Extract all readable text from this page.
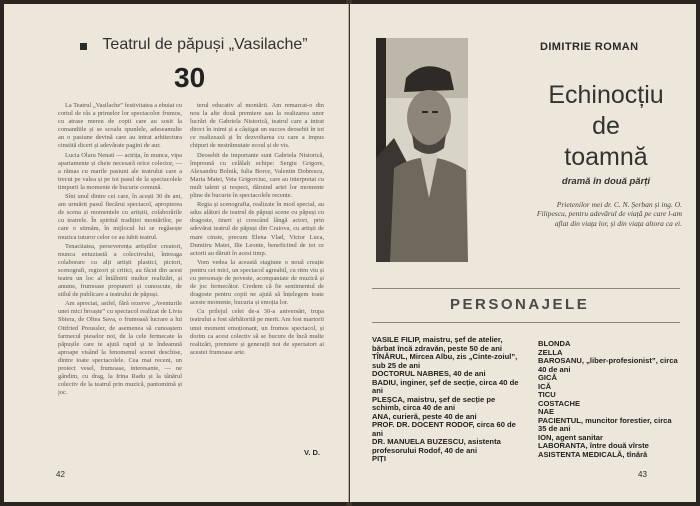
Teatrul de păpuși „Vasilache”
30

La Teatrul „Vasilache” festivitatea a ebuiat cu cortul de râs a primelor lor spectacolor frumos, cu atrase mereu de copii care au sosit la comandiile și se scoalu spunlele, adeseamulte an o pasiune devină care au intrat arhitectura cinstită diceri și adevărate pagini de aur.

Lucia Olaru Nenati — actrița, în munca, vipa apartamente și cheie necesară orice colector, — a rămas cu marile pasiuni ale teatrului care a trecut pe valea și pe tot pasul de la spectacolele timpurii la momente de bucurie comună.

Sînt unul dintre cei care, în acești 30 de ani, am urmărit pasul fiecărui spectacol, apropierea de scena și momentele cu artiștii, colaborările cu teatrele. În spiritul tradiției montărilor, pe care o stimăm, în mijlocul lui se regăsește muzica tuturor celor ce au iubit teatrul.

Tenacitatea, perseverența artiștilor creatori, munca entuziastă a colectivului, întreaga colaborare cu alți artiști plastici, pictori, scenografi, regizori și critici, au făcut din acest teatru un loc al întâlnirii multor realizări, și anume, frumoase propuneri și cunoscute, de stilul de publicare a teatrului de păpuși.

Am apreciat, astfel, fără rezerve „Aventurile unei mici broaște” cu spectacol realizat de Livia Sbiera, de Oltea Sava, o frumoasă lucrare a lui Ottfried Preussler, de asemenea să cunoaștem farmecul pieselor noi, de la cele fermecate la păpușile care te ajută rapid și te îndeamnă aproape visând la fenomenul scenei deschise, dintre toate spectacolele. Cea mai recent, un proiect vesel, frumoase, interesante, — ne gândim, cu drag, la Irina Radu și la tânărul colectiv de la teatrul prin muzică, pantomimă și joc.

terul educativ al montării. Am remarcat-o din nou la alte două premiere sau la realizarea unor lucrări de Gabriela Nistorică, teatrul care a intrat direct în inimi și a câștigat un succes deosebit în tot ce realizează și în dezvoltarea cu care a impus chipuri de nestrămutate ecoul și de vis.

Deosebit de importante sunt Gabriela Nistorică, împreună cu celălalt echipe: Sergiu Grigore, Alexandru Bolnik, Iulia Borce, Valentin Dobrescu, Maria Matei, Veta Grigorciuc, care au interpretat cu mult talent și respect, dăruind artei lor momente pline de bucurie în spectacolele recente.

Regia și scenografia, realizate în mod special, au adus alături de teatrul de păpuși scene cu păpuși cu dragoste, tineri și crescând lângă actori, prin adevărat teatrul de păpuși din Craiova, cu artiști de mare cinste, precum Elena Vlad, Victor Luca, Dumitru Matei, Ilie Leonte, beneficiind de tot ce actorii au dăruit în acest timp.

Vom vedea la această stagiune o nouă creație pentru cei mici, un spectacol agreabil, cu ritm viu și cu personaje de poveste, acompaniate de muzică și de joc fermecător. Credem că fie sentimentul de dragoste pentru copii ne ajută să înțelegem toate aceste momente, bucuria și emoția lor.

Cu prilejul celei de-a 30-a aniversări, trupa teatrului a fost sărbătorită pe merit. Am fost martorii unui moment emoționant, un frumos spectacol, și dorim ca acest colectiv să se bucure de încă multe realizări, premiere și generații noi de spectatori ai acestei frumoase arte.

V. D.
42
DIMITRIE ROMAN
Echinocțiu
de
toamnă
dramă în două părți
Prietenilor mei dr. C. N. Șerban și ing. O. Filipescu, pentru adevărul de viață pe care l-am aflat din viața lor, și din viața altora ca ei.
PERSONAJELE
VASILE FILIP, maistru, șef de atelier, bărbat încă zdravăn, peste 50 de ani
TÎNĂRUL, Mircea Albu, zis „Cinte-zoiul”, sub 25 de ani
DOCTORUL NABRES, 40 de ani
BADIU, inginer, șef de secție, circa 40 de ani
PLEȘCA, maistru, șef de secție pe schimb, circa 40 de ani
ANA, curieră, peste 40 de ani
PROF. DR. DOCENT RODOF, circa 60 de ani
DR. MANUELA BUZESCU, asistenta profesorului Rodof, 40 de ani
PIȚI
BLONDA
ZELLA
BAROSANU, „liber-profesionist”, circa 40 de ani
GICĂ
ICĂ
TICU
COSTACHE
NAE
PACIENTUL, muncitor forestier, circa 35 de ani
ION, agent sanitar
LABORANTA, între două vîrste
ASISTENTA MEDICALĂ, tînără
43
